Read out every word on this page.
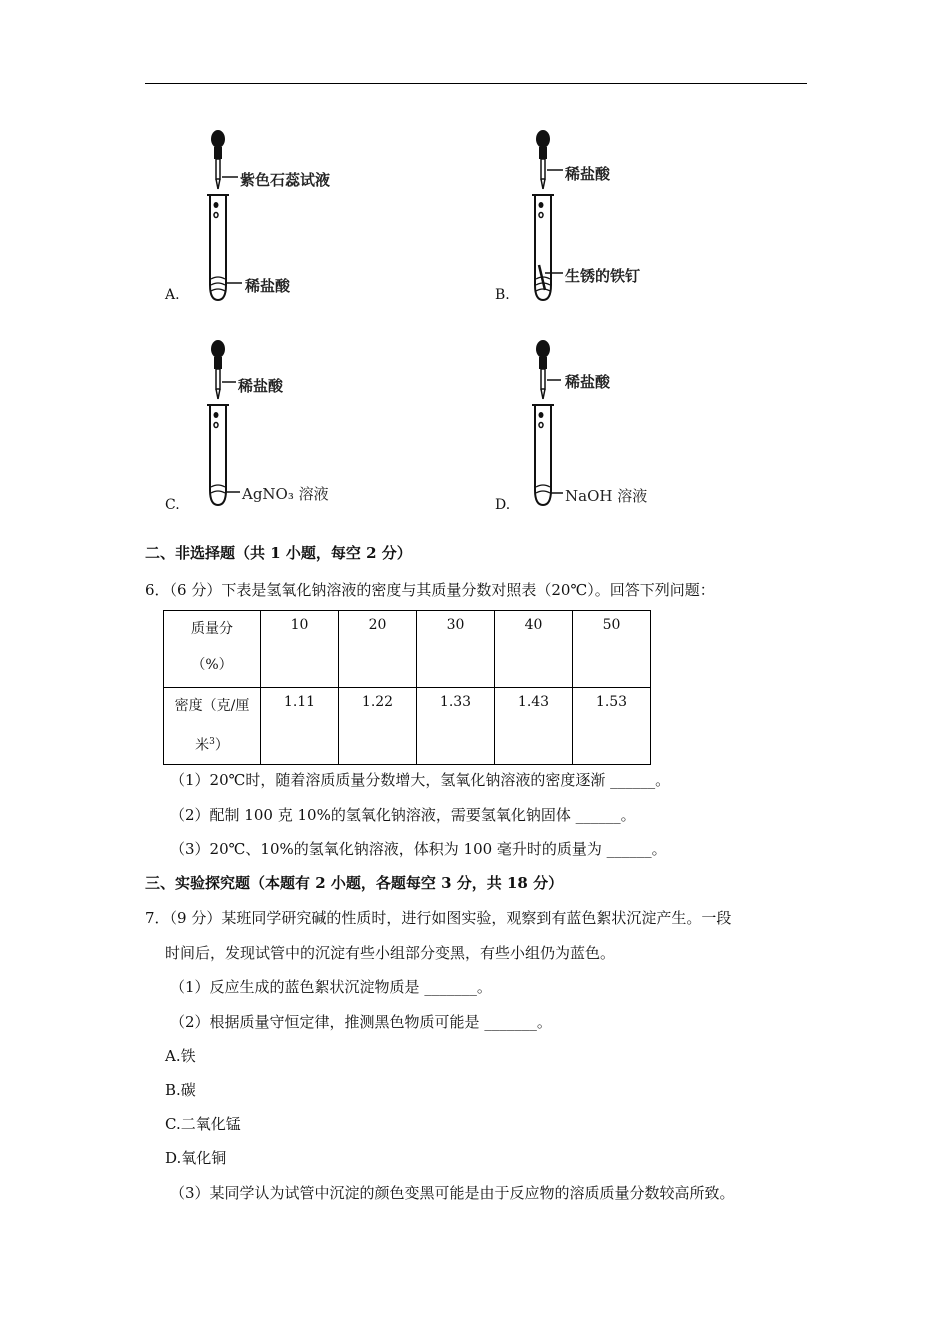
紫色石蕊试液
稀盐酸
A.
稀盐酸
生锈的铁钉
B.
稀盐酸
AgNO₃ 溶液
C.
稀盐酸
NaOH 溶液
D.
二、非选择题（共 1 小题，每空 2 分）
6．（6 分）下表是氢氧化钠溶液的密度与其质量分数对照表（20℃）。回答下列问题：
质量分
（%）	10	20	30	40	50

密度（克/厘
米$^3$）	1.11	1.22	1.33	1.43	1.53
（1）20℃时，随着溶质质量分数增大，氢氧化钠溶液的密度逐渐 ______。
（2）配制 100 克 10%的氢氧化钠溶液，需要氢氧化钠固体 ______。
（3）20℃、10%的氢氧化钠溶液，体积为 100 毫升时的质量为 ______。
三、实验探究题（本题有 2 小题，各题每空 3 分，共 18 分）
7．（9 分）某班同学研究碱的性质时，进行如图实验，观察到有蓝色絮状沉淀产生。一段
时间后，发现试管中的沉淀有些小组部分变黑，有些小组仍为蓝色。
（1）反应生成的蓝色絮状沉淀物质是 _______。
（2）根据质量守恒定律，推测黑色物质可能是 _______。
A.铁
B.碳
C.二氧化锰
D.氧化铜
（3）某同学认为试管中沉淀的颜色变黑可能是由于反应物的溶质质量分数较高所致。
